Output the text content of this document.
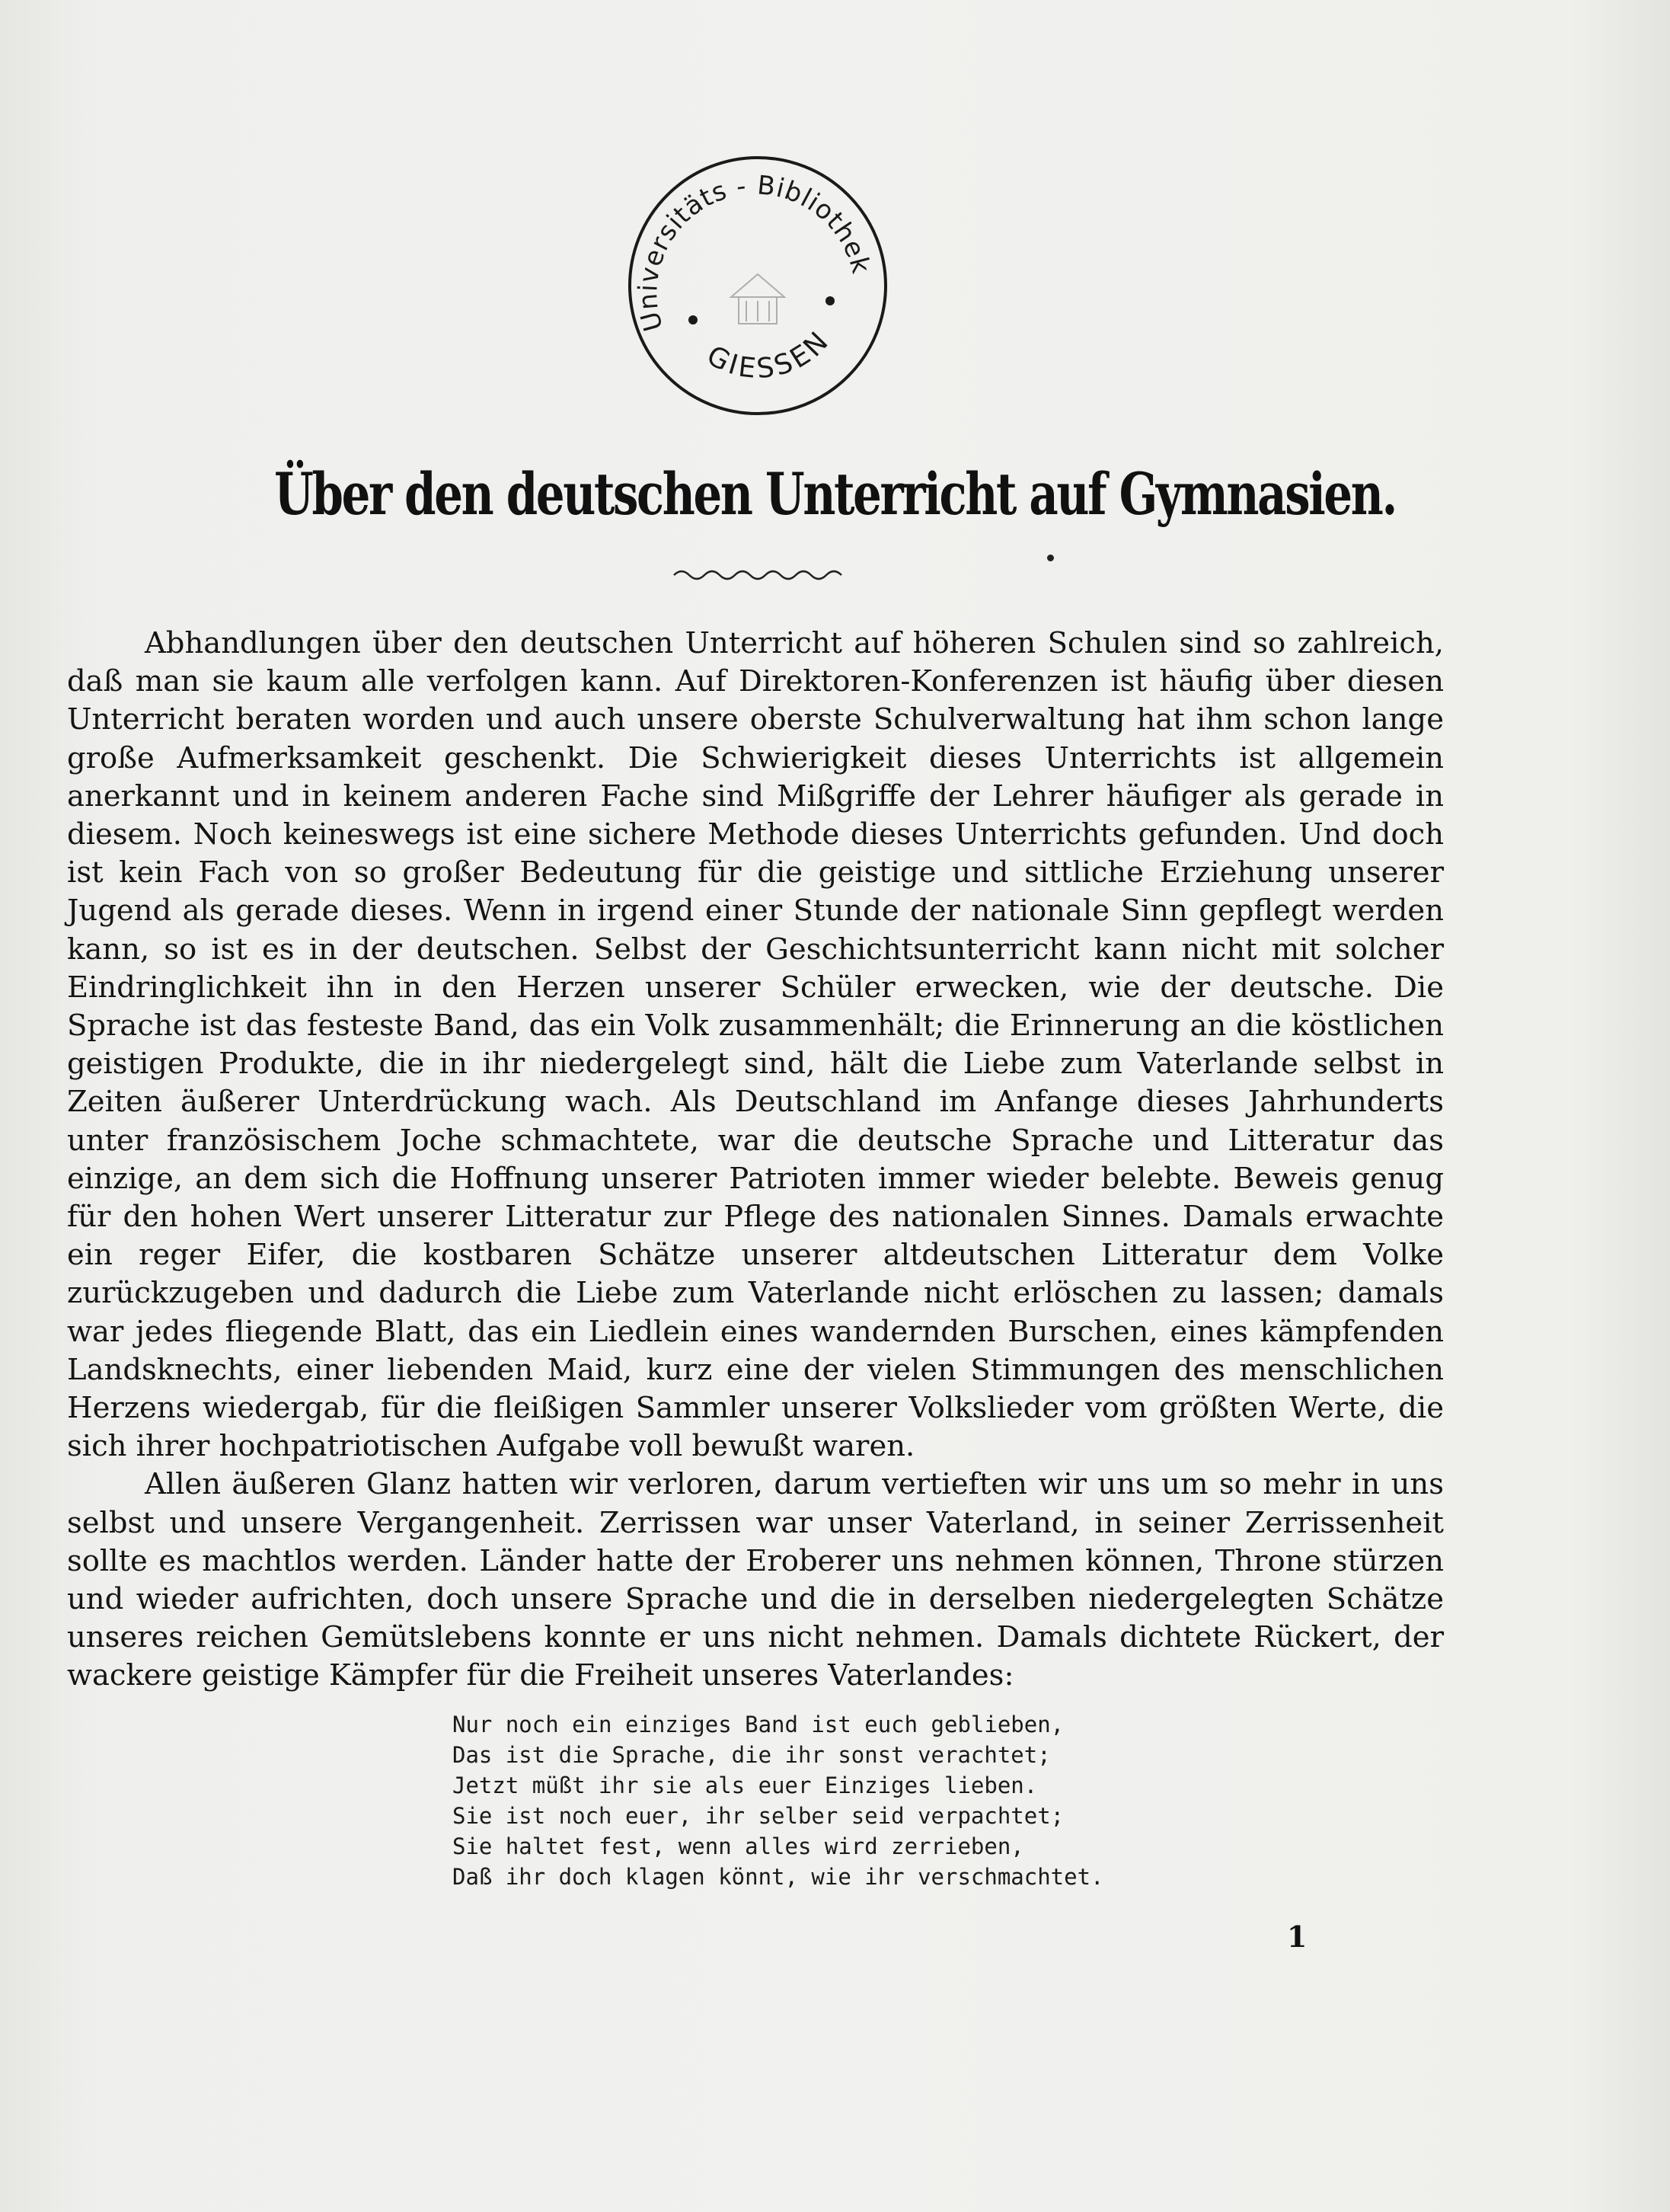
Universitäts - Bibliothek
GIESSEN
Über den deutschen Unterricht auf Gymnasien.

Abhandlungen über den deutschen Unterricht auf höheren Schulen sind so zahlreich, daß man sie kaum alle verfolgen kann. Auf Direktoren-Konferenzen ist häufig über diesen Unterricht beraten worden und auch unsere oberste Schulverwaltung hat ihm schon lange große Aufmerksamkeit geschenkt. Die Schwierigkeit dieses Unterrichts ist allgemein anerkannt und in keinem anderen Fache sind Mißgriffe der Lehrer häufiger als gerade in diesem. Noch keineswegs ist eine sichere Methode dieses Unterrichts gefunden. Und doch ist kein Fach von so großer Bedeutung für die geistige und sittliche Erziehung unserer Jugend als gerade dieses. Wenn in irgend einer Stunde der nationale Sinn gepflegt werden kann, so ist es in der deutschen. Selbst der Geschichtsunterricht kann nicht mit solcher Eindringlichkeit ihn in den Herzen unserer Schüler erwecken, wie der deutsche. Die Sprache ist das festeste Band, das ein Volk zusammenhält; die Erinnerung an die köstlichen geistigen Produkte, die in ihr niedergelegt sind, hält die Liebe zum Vaterlande selbst in Zeiten äußerer Unterdrückung wach. Als Deutschland im Anfange dieses Jahrhunderts unter französischem Joche schmachtete, war die deutsche Sprache und Litteratur das einzige, an dem sich die Hoffnung unserer Patrioten immer wieder belebte. Beweis genug für den hohen Wert unserer Litteratur zur Pflege des nationalen Sinnes. Damals erwachte ein reger Eifer, die kostbaren Schätze unserer altdeutschen Litteratur dem Volke zurückzugeben und dadurch die Liebe zum Vaterlande nicht erlöschen zu lassen; damals war jedes fliegende Blatt, das ein Liedlein eines wandernden Burschen, eines kämpfenden Landsknechts, einer liebenden Maid, kurz eine der vielen Stimmungen des menschlichen Herzens wiedergab, für die fleißigen Sammler unserer Volkslieder vom größten Werte, die sich ihrer hochpatriotischen Aufgabe voll bewußt waren.

Allen äußeren Glanz hatten wir verloren, darum vertieften wir uns um so mehr in uns selbst und unsere Vergangenheit. Zerrissen war unser Vaterland, in seiner Zerrissenheit sollte es machtlos werden. Länder hatte der Eroberer uns nehmen können, Throne stürzen und wieder aufrichten, doch unsere Sprache und die in derselben niedergelegten Schätze unseres reichen Gemütslebens konnte er uns nicht nehmen. Damals dichtete Rückert, der wackere geistige Kämpfer für die Freiheit unseres Vaterlandes:

Nur noch ein einziges Band ist euch geblieben,
Das ist die Sprache, die ihr sonst verachtet;
Jetzt müßt ihr sie als euer Einziges lieben.
Sie ist noch euer, ihr selber seid verpachtet;
Sie haltet fest, wenn alles wird zerrieben,
Daß ihr doch klagen könnt, wie ihr verschmachtet.
1
